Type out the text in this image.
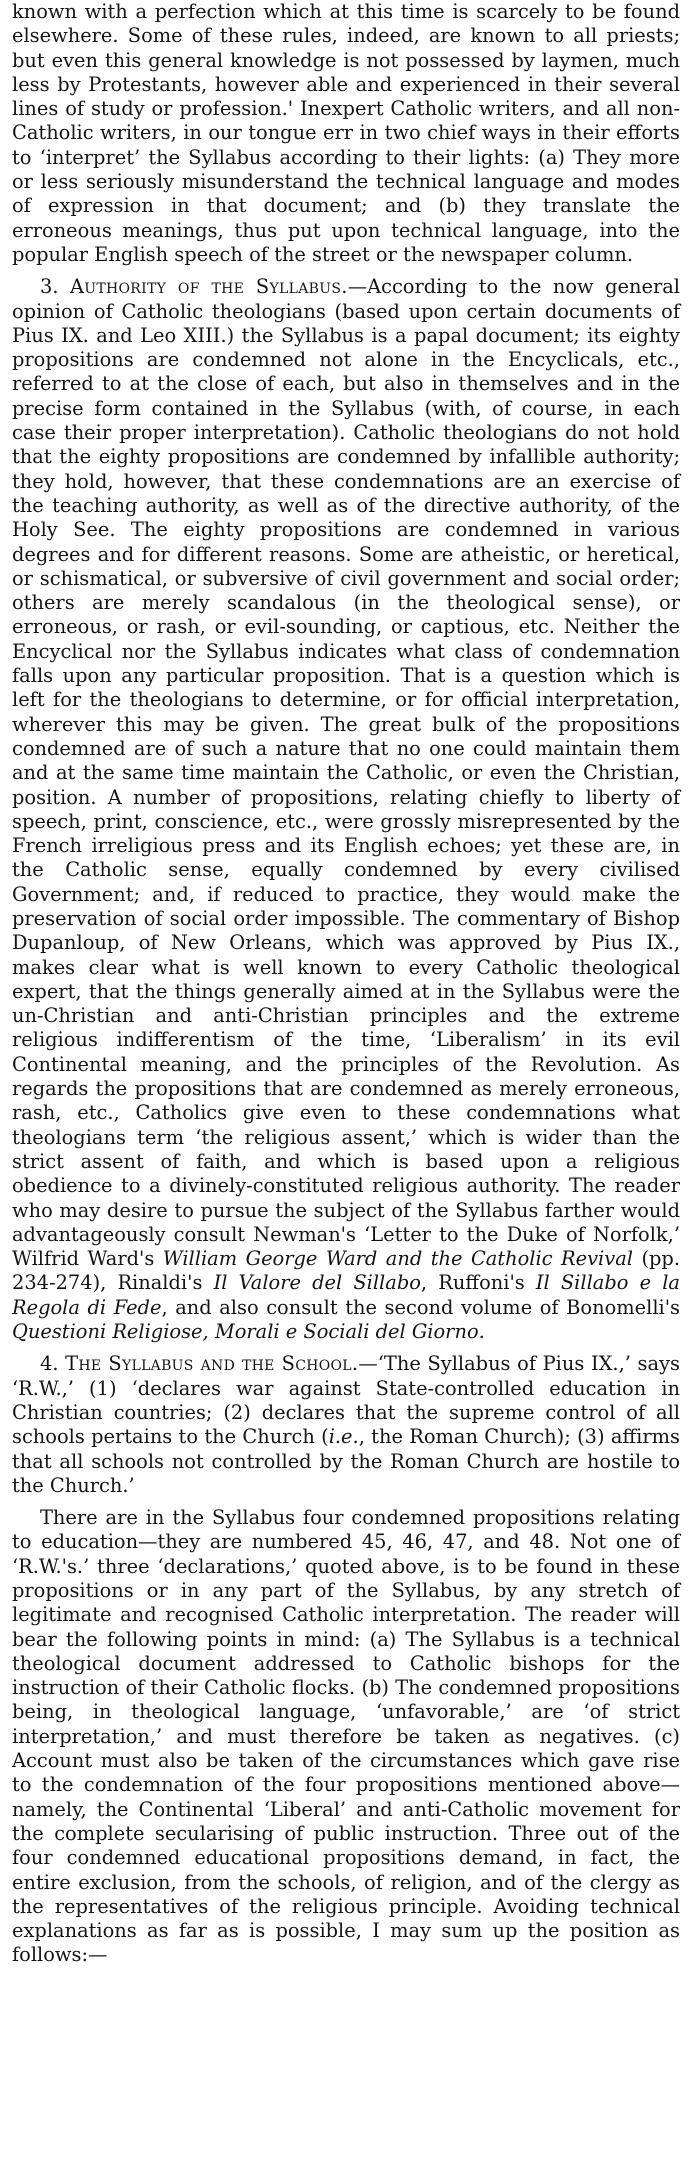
known with a perfection which at this time is scarcely to be found elsewhere. Some of these rules, indeed, are known to all priests; but even this general knowledge is not possessed by laymen, much less by Protestants, however able and experienced in their several lines of study or profession.' Inexpert Catholic writers, and all non-Catholic writers, in our tongue err in two chief ways in their efforts to ‘interpret’ the Syllabus according to their lights: (a) They more or less seriously misunderstand the technical language and modes of expression in that document; and (b) they translate the erroneous meanings, thus put upon technical language, into the popular English speech of the street or the newspaper column.

3. Authority of the Syllabus.—According to the now general opinion of Catholic theologians (based upon certain documents of Pius IX. and Leo XIII.) the Syllabus is a papal document; its eighty propositions are condemned not alone in the Encyclicals, etc., referred to at the close of each, but also in themselves and in the precise form contained in the Syllabus (with, of course, in each case their proper interpretation). Catholic theologians do not hold that the eighty propositions are condemned by infallible authority; they hold, however, that these condemnations are an exercise of the teaching authority, as well as of the directive authority, of the Holy See. The eighty propositions are condemned in various degrees and for different reasons. Some are atheistic, or heretical, or schismatical, or subversive of civil government and social order; others are merely scandalous (in the theological sense), or erroneous, or rash, or evil-sounding, or captious, etc. Neither the Encyclical nor the Syllabus indicates what class of condemnation falls upon any particular proposition. That is a question which is left for the theologians to determine, or for official interpretation, wherever this may be given. The great bulk of the propositions condemned are of such a nature that no one could maintain them and at the same time maintain the Catholic, or even the Christian, position. A number of propositions, relating chiefly to liberty of speech, print, conscience, etc., were grossly misrepresented by the French irreligious press and its English echoes; yet these are, in the Catholic sense, equally condemned by every civilised Government; and, if reduced to practice, they would make the preservation of social order impossible. The commentary of Bishop Dupanloup, of New Orleans, which was approved by Pius IX., makes clear what is well known to every Catholic theological expert, that the things generally aimed at in the Syllabus were the un-Christian and anti-Christian principles and the extreme religious indifferentism of the time, ‘Liberalism’ in its evil Continental meaning, and the principles of the Revolution. As regards the propositions that are condemned as merely erroneous, rash, etc., Catholics give even to these condemnations what theologians term ‘the religious assent,’ which is wider than the strict assent of faith, and which is based upon a religious obedience to a divinely-constituted religious authority. The reader who may desire to pursue the subject of the Syllabus farther would advantageously consult Newman's ‘Letter to the Duke of Norfolk,’ Wilfrid Ward's William George Ward and the Catholic Revival (pp. 234-274), Rinaldi's Il Valore del Sillabo, Ruffoni's Il Sillabo e la Regola di Fede, and also consult the second volume of Bonomelli's Questioni Religiose, Morali e Sociali del Giorno.

4. The Syllabus and the School.—‘The Syllabus of Pius IX.,’ says ‘R.W.,’ (1) ‘declares war against State-controlled education in Christian countries; (2) declares that the supreme control of all schools pertains to the Church (i.e., the Roman Church); (3) affirms that all schools not controlled by the Roman Church are hostile to the Church.’

There are in the Syllabus four condemned propositions relating to education—they are numbered 45, 46, 47, and 48. Not one of ‘R.W.'s.’ three ‘declarations,’ quoted above, is to be found in these propositions or in any part of the Syllabus, by any stretch of legitimate and recognised Catholic interpretation. The reader will bear the following points in mind: (a) The Syllabus is a technical theological document addressed to Catholic bishops for the instruction of their Catholic flocks. (b) The condemned propositions being, in theological language, ‘unfavorable,’ are ‘of strict interpretation,’ and must therefore be taken as negatives. (c) Account must also be taken of the circumstances which gave rise to the condemnation of the four propositions mentioned above—namely, the Continental ‘Liberal’ and anti-Catholic movement for the complete secularising of public instruction. Three out of the four condemned educational propositions demand, in fact, the entire exclusion, from the schools, of religion, and of the clergy as the representatives of the religious principle. Avoiding technical explanations as far as is possible, I may sum up the position as follows:—
